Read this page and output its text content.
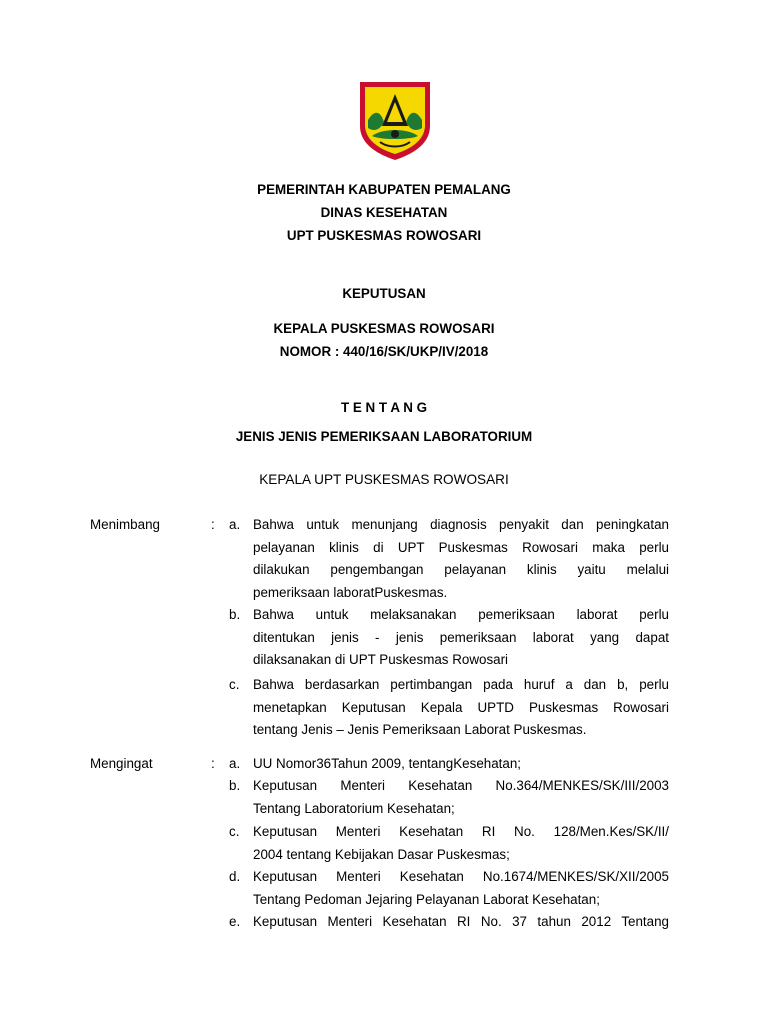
PEMERINTAH KABUPATEN PEMALANG
DINAS KESEHATAN
UPT PUSKESMAS ROWOSARI
KEPUTUSAN
KEPALA PUSKESMAS ROWOSARI
NOMOR : 440/16/SK/UKP/IV/2018
T E N T A N G
JENIS JENIS PEMERIKSAAN LABORATORIUM
KEPALA UPT PUSKESMAS ROWOSARI
Menimbang	: a. Bahwa untuk menunjang diagnosis penyakit dan peningkatan
pelayanan klinis di UPT Puskesmas Rowosari maka perlu
dilakukan pengembangan pelayanan klinis yaitu melalui
pemeriksaan laboratPuskesmas.
b. Bahwa untuk melaksanakan pemeriksaan laborat perlu
ditentukan jenis - jenis pemeriksaan laborat yang dapat
dilaksanakan di UPT Puskesmas Rowosari
c. Bahwa berdasarkan pertimbangan pada huruf a dan b, perlu
menetapkan Keputusan Kepala UPTD Puskesmas Rowosari
tentang Jenis – Jenis Pemeriksaan Laborat Puskesmas.
Mengingat	: a. UU Nomor36Tahun 2009, tentangKesehatan;
b. Keputusan Menteri Kesehatan No.364/MENKES/SK/III/2003
Tentang Laboratorium Kesehatan;
c. Keputusan Menteri Kesehatan RI No. 128/Men.Kes/SK/II/
2004 tentang Kebijakan Dasar Puskesmas;
d. Keputusan Menteri Kesehatan No.1674/MENKES/SK/XII/2005
Tentang Pedoman Jejaring Pelayanan Laborat Kesehatan;
e. Keputusan Menteri Kesehatan RI No. 37 tahun 2012 Tentang
